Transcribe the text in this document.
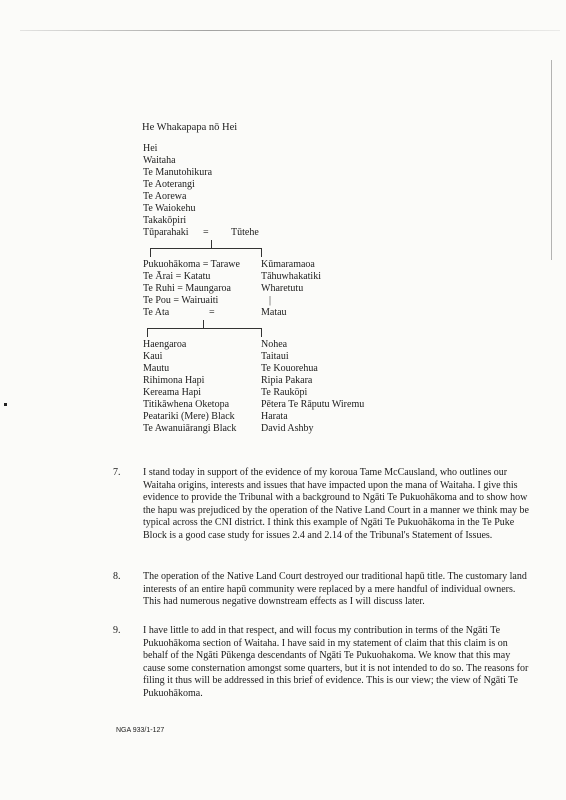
He Whakapapa nō Hei
Hei
Waitaha
Te Manutohikura
Te Aoterangi
Te Aorewa
Te Waiokehu
Takakōpiri
Tūparahaki = Tūtehe
Pukuohākoma = Tarawe
Te Ārai = Katatu
Te Ruhi = Maungaroa
Te Pou = Wairuaiti
Kūmaramaoa
Tāhuwhakatiki
Wharetutu
|
Te Ata	=	Matau
Haengaroa
Kaui
Mautu
Rihimona Hapi
Kereama Hapi
Titikāwhena Oketopa
Peatariki (Mere) Black
Te Awanuiārangi Black
Nohea
Taitaui
Te Kouorehua
Ripia Pakara
Te Rauköpi
Pētera Te Rāputu Wiremu
Harata
David Ashby
7. I stand today in support of the evidence of my koroua Tame McCausland, who outlines our Waitaha origins, interests and issues that have impacted upon the mana of Waitaha. I give this evidence to provide the Tribunal with a background to Ngāti Te Pukuohākoma and to show how the hapu was prejudiced by the operation of the Native Land Court in a manner we think may be typical across the CNI district. I think this example of Ngāti Te Pukuohākoma in the Te Puke Block is a good case study for issues 2.4 and 2.14 of the Tribunal's Statement of Issues.
8. The operation of the Native Land Court destroyed our traditional hapū title. The customary land interests of an entire hapū community were replaced by a mere handful of individual owners. This had numerous negative downstream effects as I will discuss later.
9. I have little to add in that respect, and will focus my contribution in terms of the Ngāti Te Pukuohākoma section of Waitaha. I have said in my statement of claim that this claim is on behalf of the Ngāti Pūkenga descendants of Ngāti Te Pukuohakoma. We know that this may cause some consternation amongst some quarters, but it is not intended to do so. The reasons for filing it thus will be addressed in this brief of evidence. This is our view; the view of Ngāti Te Pukuohākoma.
NGA 933/1-127
